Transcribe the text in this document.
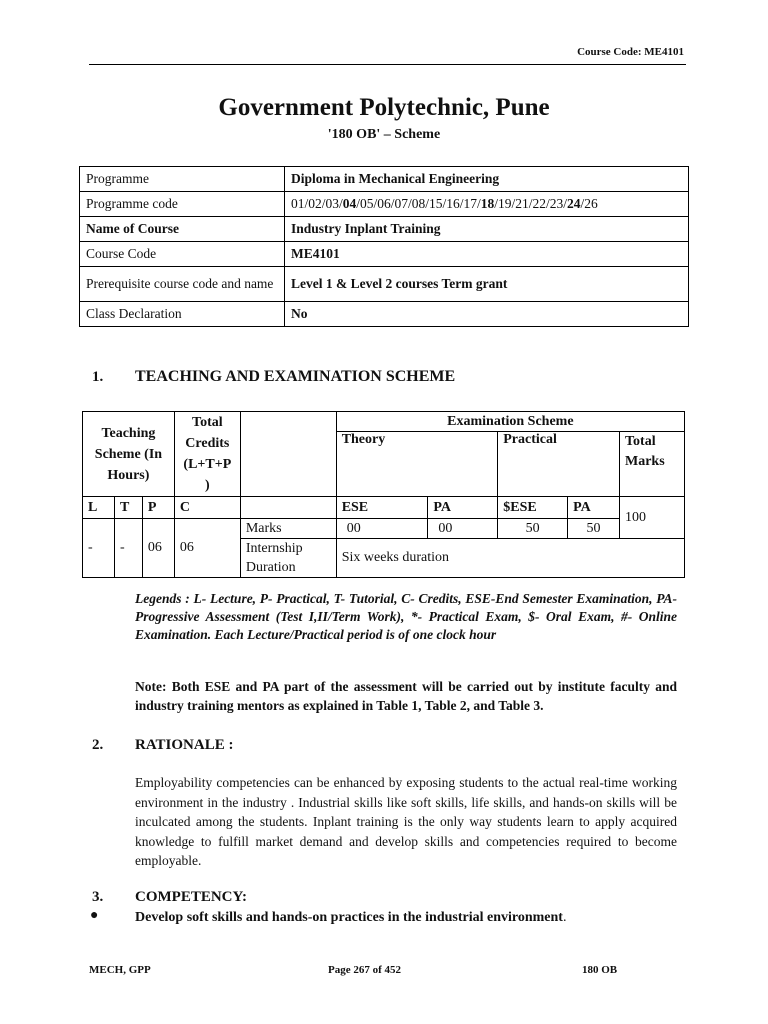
Course Code: ME4101
Government Polytechnic, Pune
'180 OB' – Scheme
Programme	Diploma in Mechanical Engineering
Programme code	01/02/03/04/05/06/07/08/15/16/17/18/19/21/22/23/24/26
Name of Course	Industry Inplant Training
Course Code	ME4101
Prerequisite course code and name	Level 1 & Level 2 courses Term grant
Class Declaration	No
1. TEACHING AND EXAMINATION SCHEME
Teaching Scheme (In Hours)			Total Credits (L+T+P )		Examination Scheme				
					Theory		Practical		Total Marks

L	T	P	C		ESE	PA	$ESE	PA	100
-	-	06	06	Marks	00	00	50	50	
				Internship Duration	Six weeks duration				
Legends : L- Lecture, P- Practical, T- Tutorial, C- Credits, ESE-End Semester Examination, PA- Progressive Assessment (Test I,II/Term Work), *- Practical Exam, $- Oral Exam, #- Online Examination. Each Lecture/Practical period is of one clock hour
Note: Both ESE and PA part of the assessment will be carried out by institute faculty and industry training mentors as explained in Table 1, Table 2, and Table 3.
2. RATIONALE :
Employability competencies can be enhanced by exposing students to the actual real-time working environment in the industry . Industrial skills like soft skills, life skills, and hands-on skills will be inculcated among the students. Inplant training is the only way students learn to apply acquired knowledge to fulfill market demand and develop skills and competencies required to become employable.
3. COMPETENCY:
●	Develop soft skills and hands-on practices in the industrial environment.
MECH, GPP	Page 267 of 452	180 OB
